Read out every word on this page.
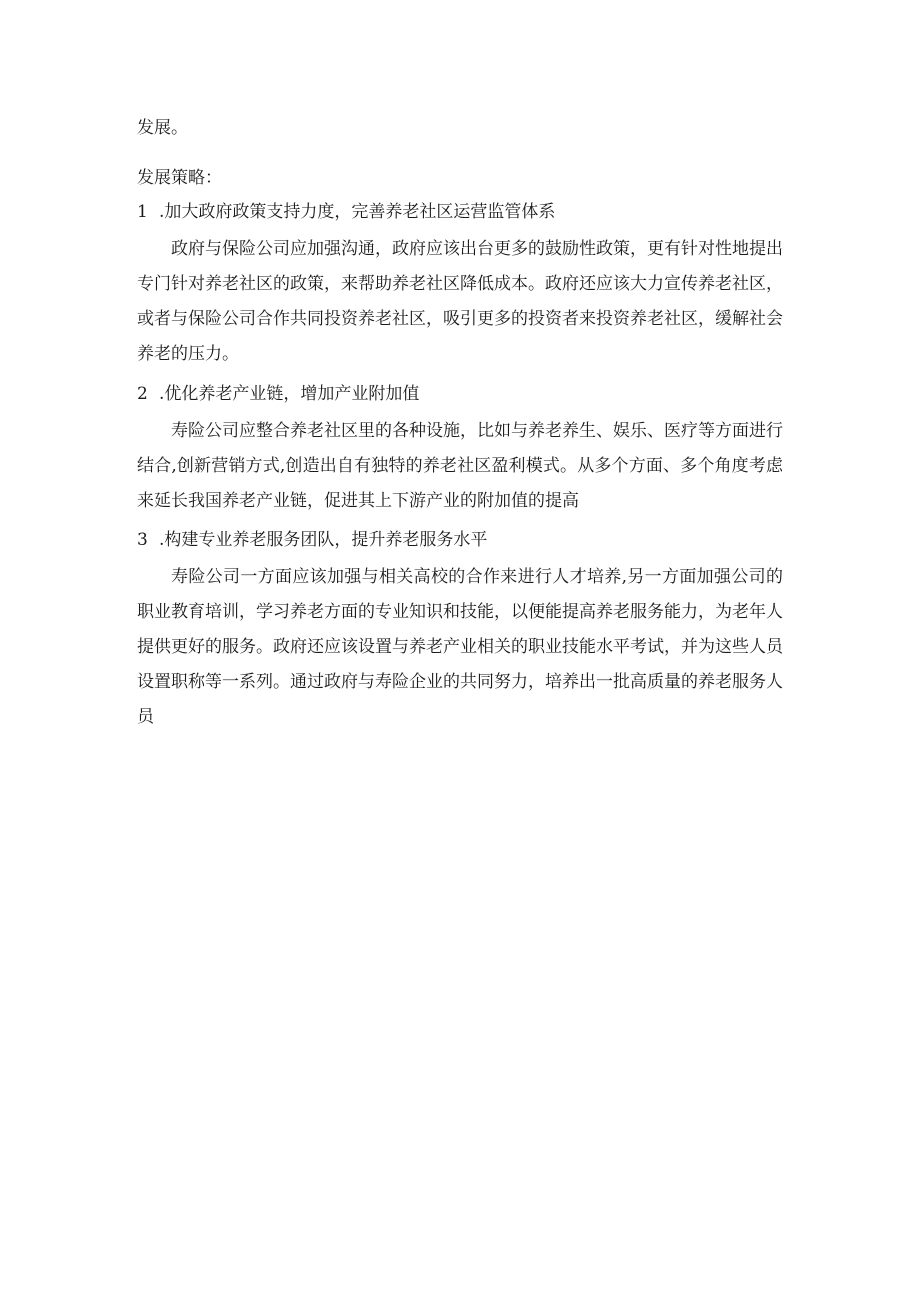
发展。
发展策略：
1 .加大政府政策支持力度，完善养老社区运营监管体系
政府与保险公司应加强沟通，政府应该出台更多的鼓励性政策，更有针对性地提出专门针对养老社区的政策，来帮助养老社区降低成本。政府还应该大力宣传养老社区，或者与保险公司合作共同投资养老社区，吸引更多的投资者来投资养老社区，缓解社会养老的压力。
2 .优化养老产业链，增加产业附加值
寿险公司应整合养老社区里的各种设施，比如与养老养生、娱乐、医疗等方面进行结合,创新营销方式,创造出自有独特的养老社区盈利模式。从多个方面、多个角度考虑来延长我国养老产业链，促进其上下游产业的附加值的提高
3 .构建专业养老服务团队，提升养老服务水平
寿险公司一方面应该加强与相关高校的合作来进行人才培养,另一方面加强公司的职业教育培训，学习养老方面的专业知识和技能，以便能提高养老服务能力，为老年人提供更好的服务。政府还应该设置与养老产业相关的职业技能水平考试，并为这些人员设置职称等一系列。通过政府与寿险企业的共同努力，培养出一批高质量的养老服务人员
